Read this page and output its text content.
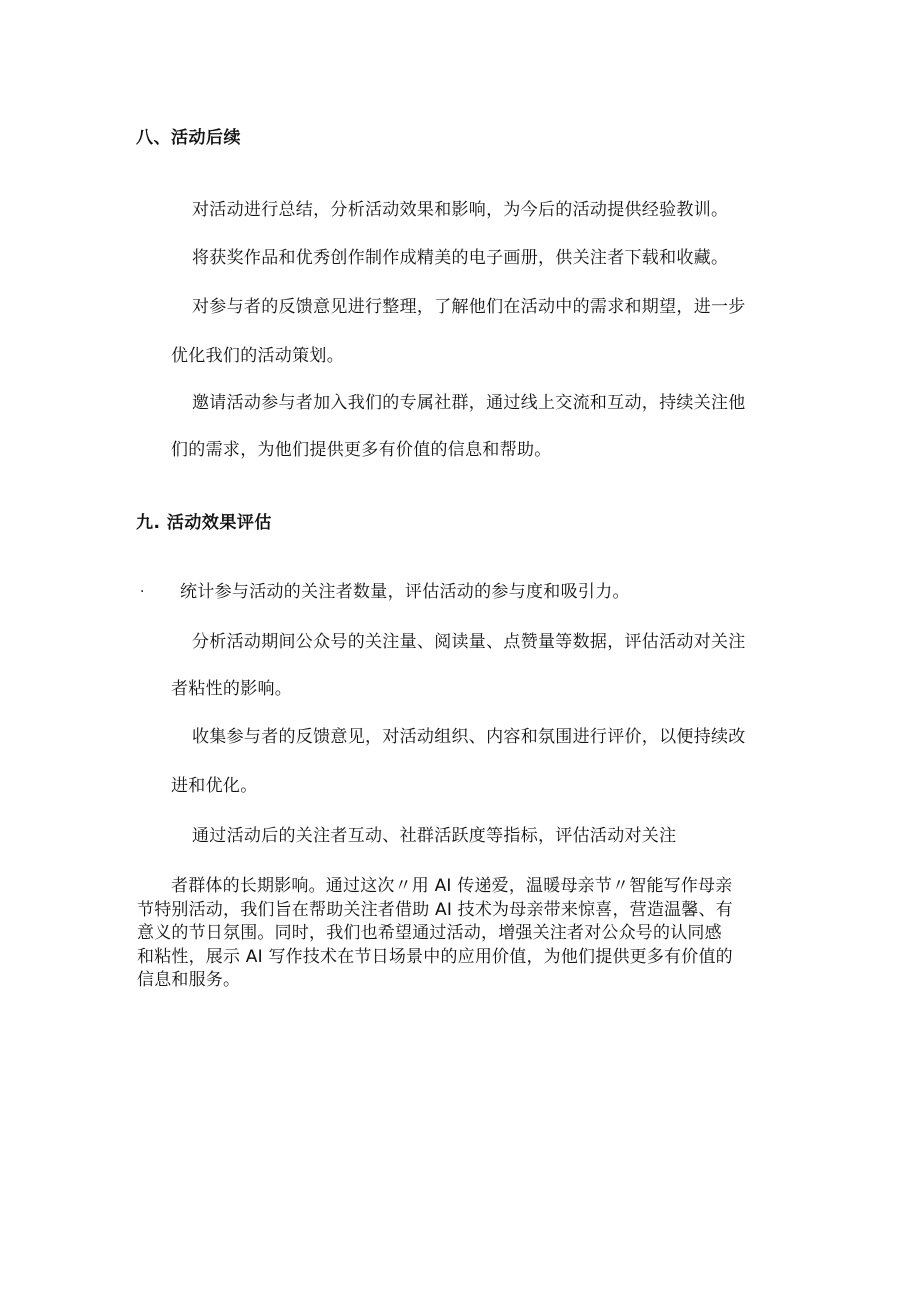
八、活动后续
对活动进行总结，分析活动效果和影响，为今后的活动提供经验教训。
将获奖作品和优秀创作制作成精美的电子画册，供关注者下载和收藏。
对参与者的反馈意见进行整理，了解他们在活动中的需求和期望，进一步
优化我们的活动策划。
邀请活动参与者加入我们的专属社群，通过线上交流和互动，持续关注他
们的需求，为他们提供更多有价值的信息和帮助。
九. 活动效果评估
. 统计参与活动的关注者数量，评估活动的参与度和吸引力。
分析活动期间公众号的关注量、阅读量、点赞量等数据，评估活动对关注
者粘性的影响。
收集参与者的反馈意见，对活动组织、内容和氛围进行评价，以便持续改
进和优化。
通过活动后的关注者互动、社群活跃度等指标，评估活动对关注
者群体的长期影响。通过这次〃用 AI 传递爱，温暖母亲节〃智能写作母亲
节特别活动，我们旨在帮助关注者借助 AI 技术为母亲带来惊喜，营造温馨、有
意义的节日氛围。同时，我们也希望通过活动，增强关注者对公众号的认同感
和粘性，展示 AI 写作技术在节日场景中的应用价值，为他们提供更多有价值的
信息和服务。
